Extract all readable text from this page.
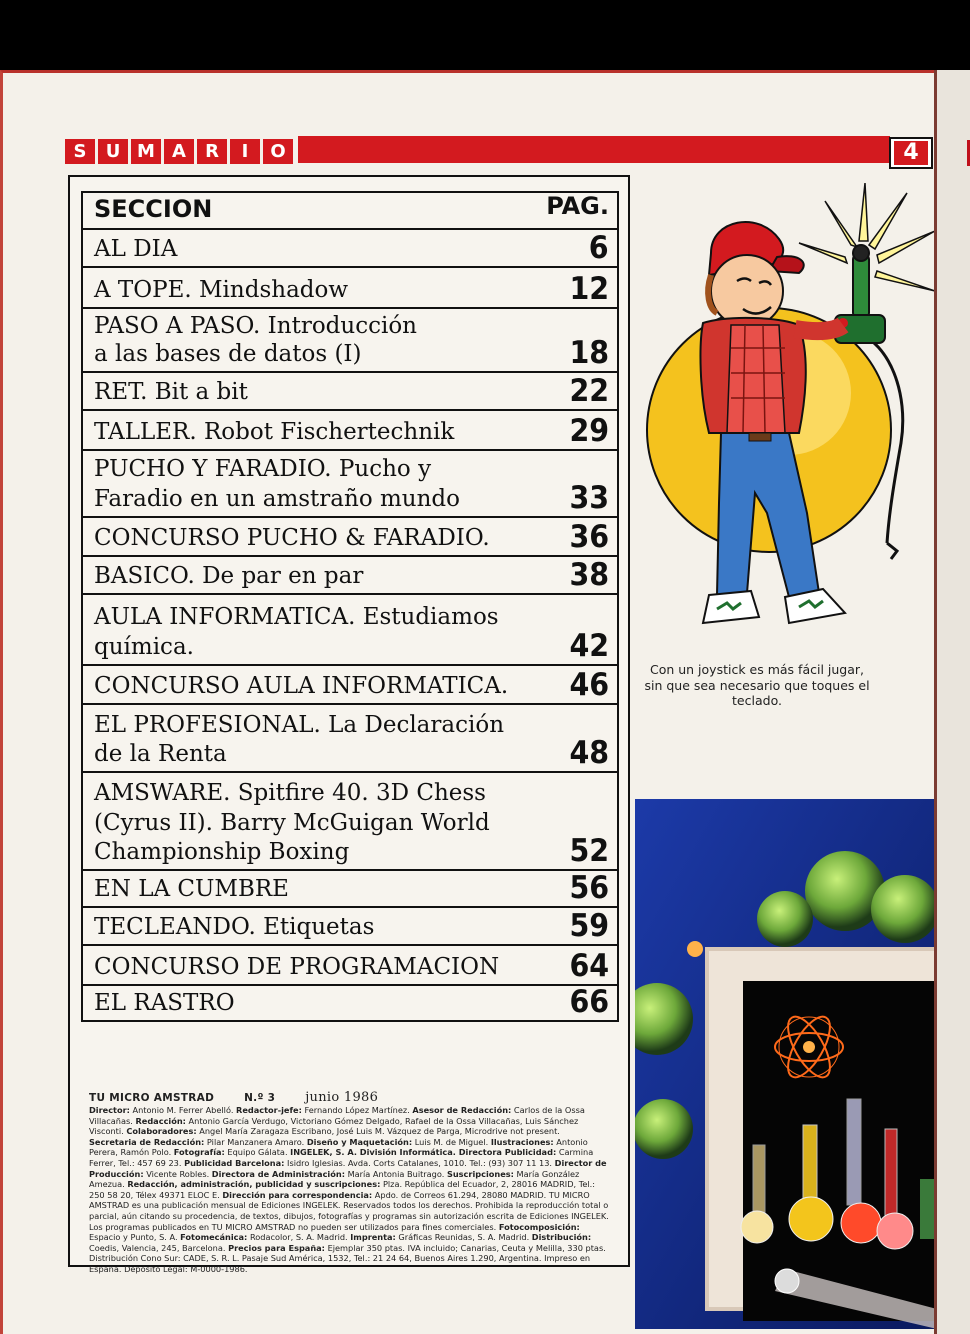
S	U M A	R	I	O	4
SECCION	PAG.
AL DIA	6
A TOPE. Mindshadow	12
PASO A PASO. Introducción
a las bases de datos (I)	18
RET. Bit a bit	22
TALLER. Robot Fischertechnik	29
PUCHO Y FARADIO. Pucho y
Faradio en un amstraño mundo	33
CONCURSO PUCHO & FARADIO.	36
BASICO. De par en par	38
AULA INFORMATICA. Estudiamos
química.	42
CONCURSO AULA INFORMATICA. 46
EL PROFESIONAL. La Declaración
de la Renta	48
AMSWARE. Spitfire 40. 3D Chess
(Cyrus II). Barry McGuigan World
Championship Boxing	52
EN LA CUMBRE	56
TECLEANDO. Etiquetas	59
CONCURSO DE PROGRAMACION 64
EL RASTRO	66
TU MICRO AMSTRAD	N.º 3 junio 1986
Director: Antonio M. Ferrer Abelló. Redactor-jefe: Fernando López Martínez. Asesor de Redacción: Carlos de la Ossa Villacañas. Redacción: Antonio García Verdugo, Victoriano Gómez Delgado, Rafael de la Ossa Villacañas, Luis Sánchez Visconti. Colaboradores: Angel María Zaragaza Escribano, José Luis M. Vázquez de Parga, Microdrive not present. Secretaria de Redacción: Pilar Manzanera Amaro. Diseño y Maquetación: Luis M. de Miguel. Ilustraciones: Antonio Perera, Ramón Polo. Fotografía: Equipo Gálata. INGELEK, S. A. División Informática. Directora Publicidad: Carmina Ferrer, Tel.: 457 69 23. Publicidad Barcelona: Isidro Iglesias. Avda. Corts Catalanes, 1010. Tel.: (93) 307 11 13. Director de Producción: Vicente Robles. Directora de Administración: María Antonia Buitrago. Suscripciones: María González Amezua. Redacción, administración, publicidad y suscripciones: Plza. República del Ecuador, 2, 28016 MADRID, Tel.: 250 58 20, Télex 49371 ELOC E. Dirección para correspondencia: Apdo. de Correos 61.294, 28080 MADRID. TU MICRO AMSTRAD es una publicación mensual de Ediciones INGELEK. Reservados todos los derechos. Prohibida la reproducción total o parcial, aún citando su procedencia, de textos, dibujos, fotografías y programas sin autorización escrita de Ediciones INGELEK. Los programas publicados en TU MICRO AMSTRAD no pueden ser utilizados para fines comerciales. Fotocomposición: Espacio y Punto, S. A. Fotomecánica: Rodacolor, S. A. Madrid. Imprenta: Gráficas Reunidas, S. A. Madrid. Distribución: Coedis, Valencia, 245, Barcelona. Precios para España: Ejemplar 350 ptas. IVA incluido; Canarias, Ceuta y Melilla, 330 ptas. Distribución Cono Sur: CADE, S. R. L. Pasaje Sud América, 1532, Tel.: 21 24 64, Buenos Aires 1.290, Argentina. Impreso en España. Depósito Legal: M-0000-1986.
Con un joystick es más fácil jugar, sin que sea necesario que toques el teclado.
